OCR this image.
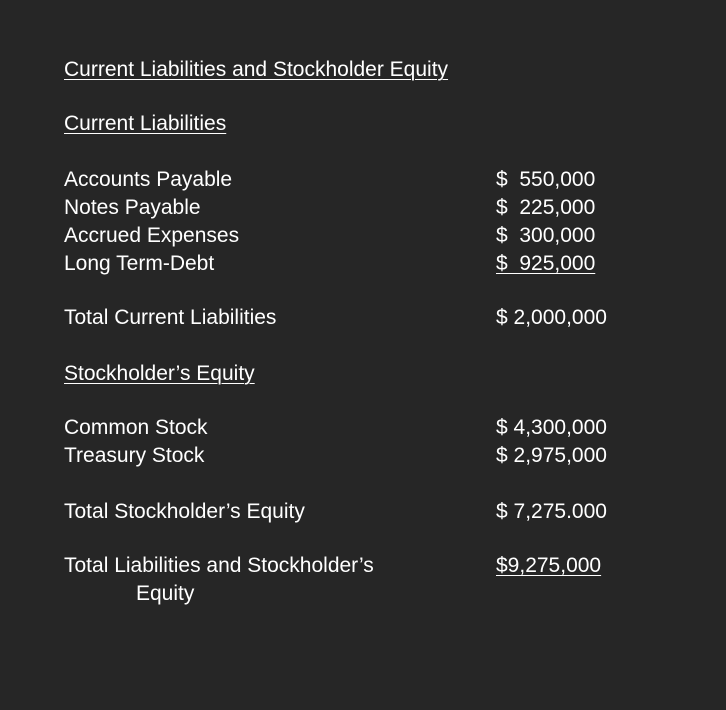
Current Liabilities and Stockholder Equity
Current Liabilities
Accounts Payable	$  550,000
Notes Payable	$  225,000
Accrued Expenses	$  300,000
Long Term-Debt	$  925,000
Total Current Liabilities	$ 2,000,000
Stockholder’s Equity
Common Stock	$ 4,300,000
Treasury Stock	$ 2,975,000
Total Stockholder’s Equity	$ 7,275.000
Total Liabilities and Stockholder’s
Equity
$9,275,000
